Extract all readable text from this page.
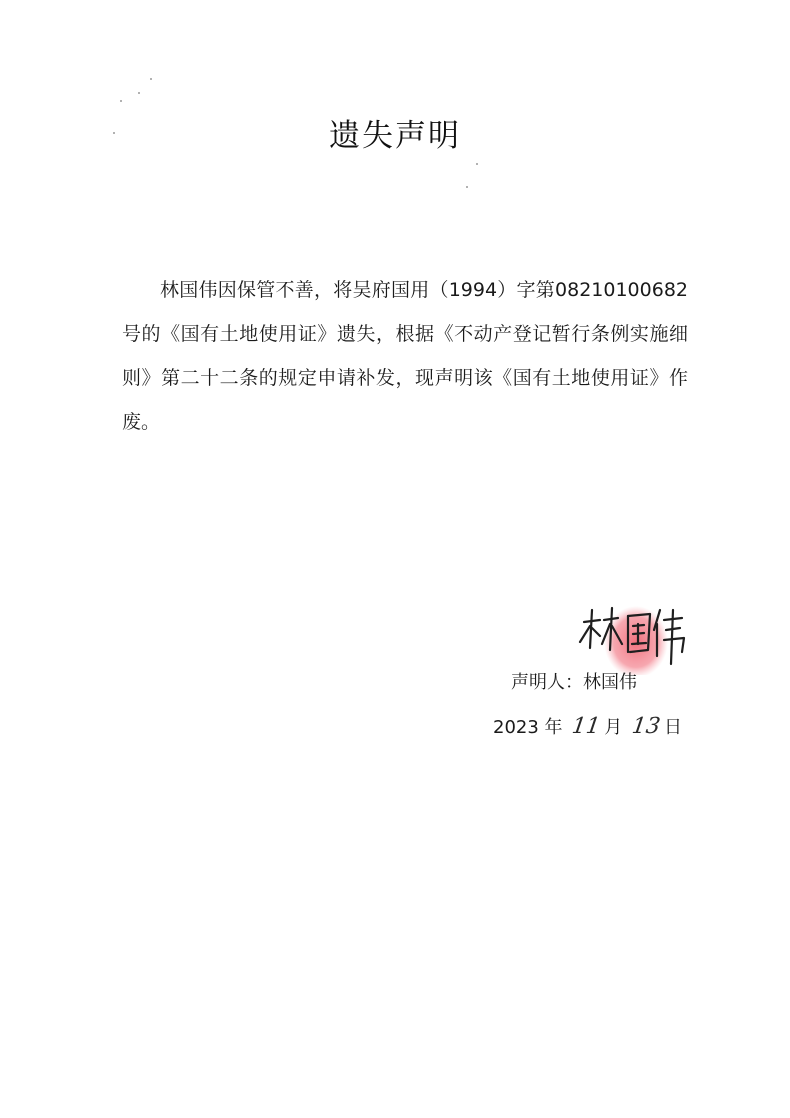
遗失声明

林国伟因保管不善，将吴府国用（1994）字第08210100682号的《国有土地使用证》遗失，根据《不动产登记暂行条例实施细则》第二十二条的规定申请补发，现声明该《国有土地使用证》作废。

声明人：林国伟
2023 年 11 月 13 日
